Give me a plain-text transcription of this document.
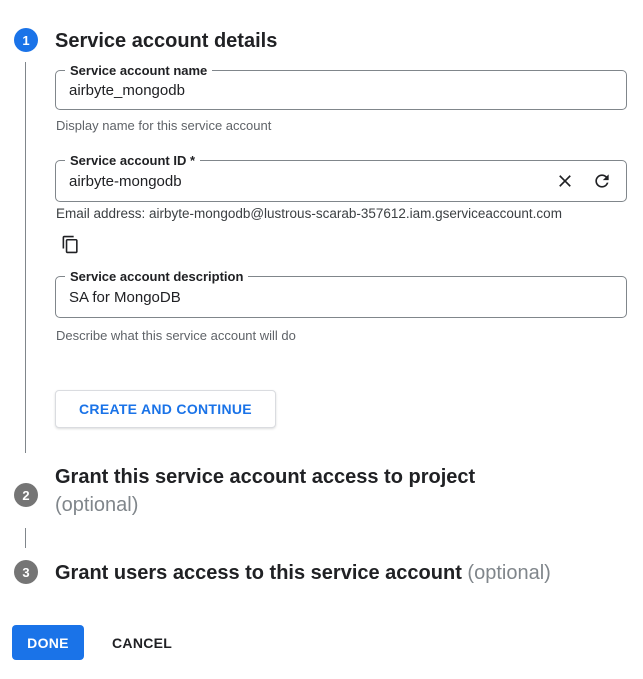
1	Service account details
Service account name
airbyte_mongodb
Display name for this service account
Service account ID *
airbyte-mongodb
Email address: airbyte-mongodb@lustrous-scarab-357612.iam.gserviceaccount.com
Service account description
SA for MongoDB
Describe what this service account will do
CREATE AND CONTINUE
2
Grant this service account access to project
(optional)
3	Grant users access to this service account (optional)
DONE	CANCEL
